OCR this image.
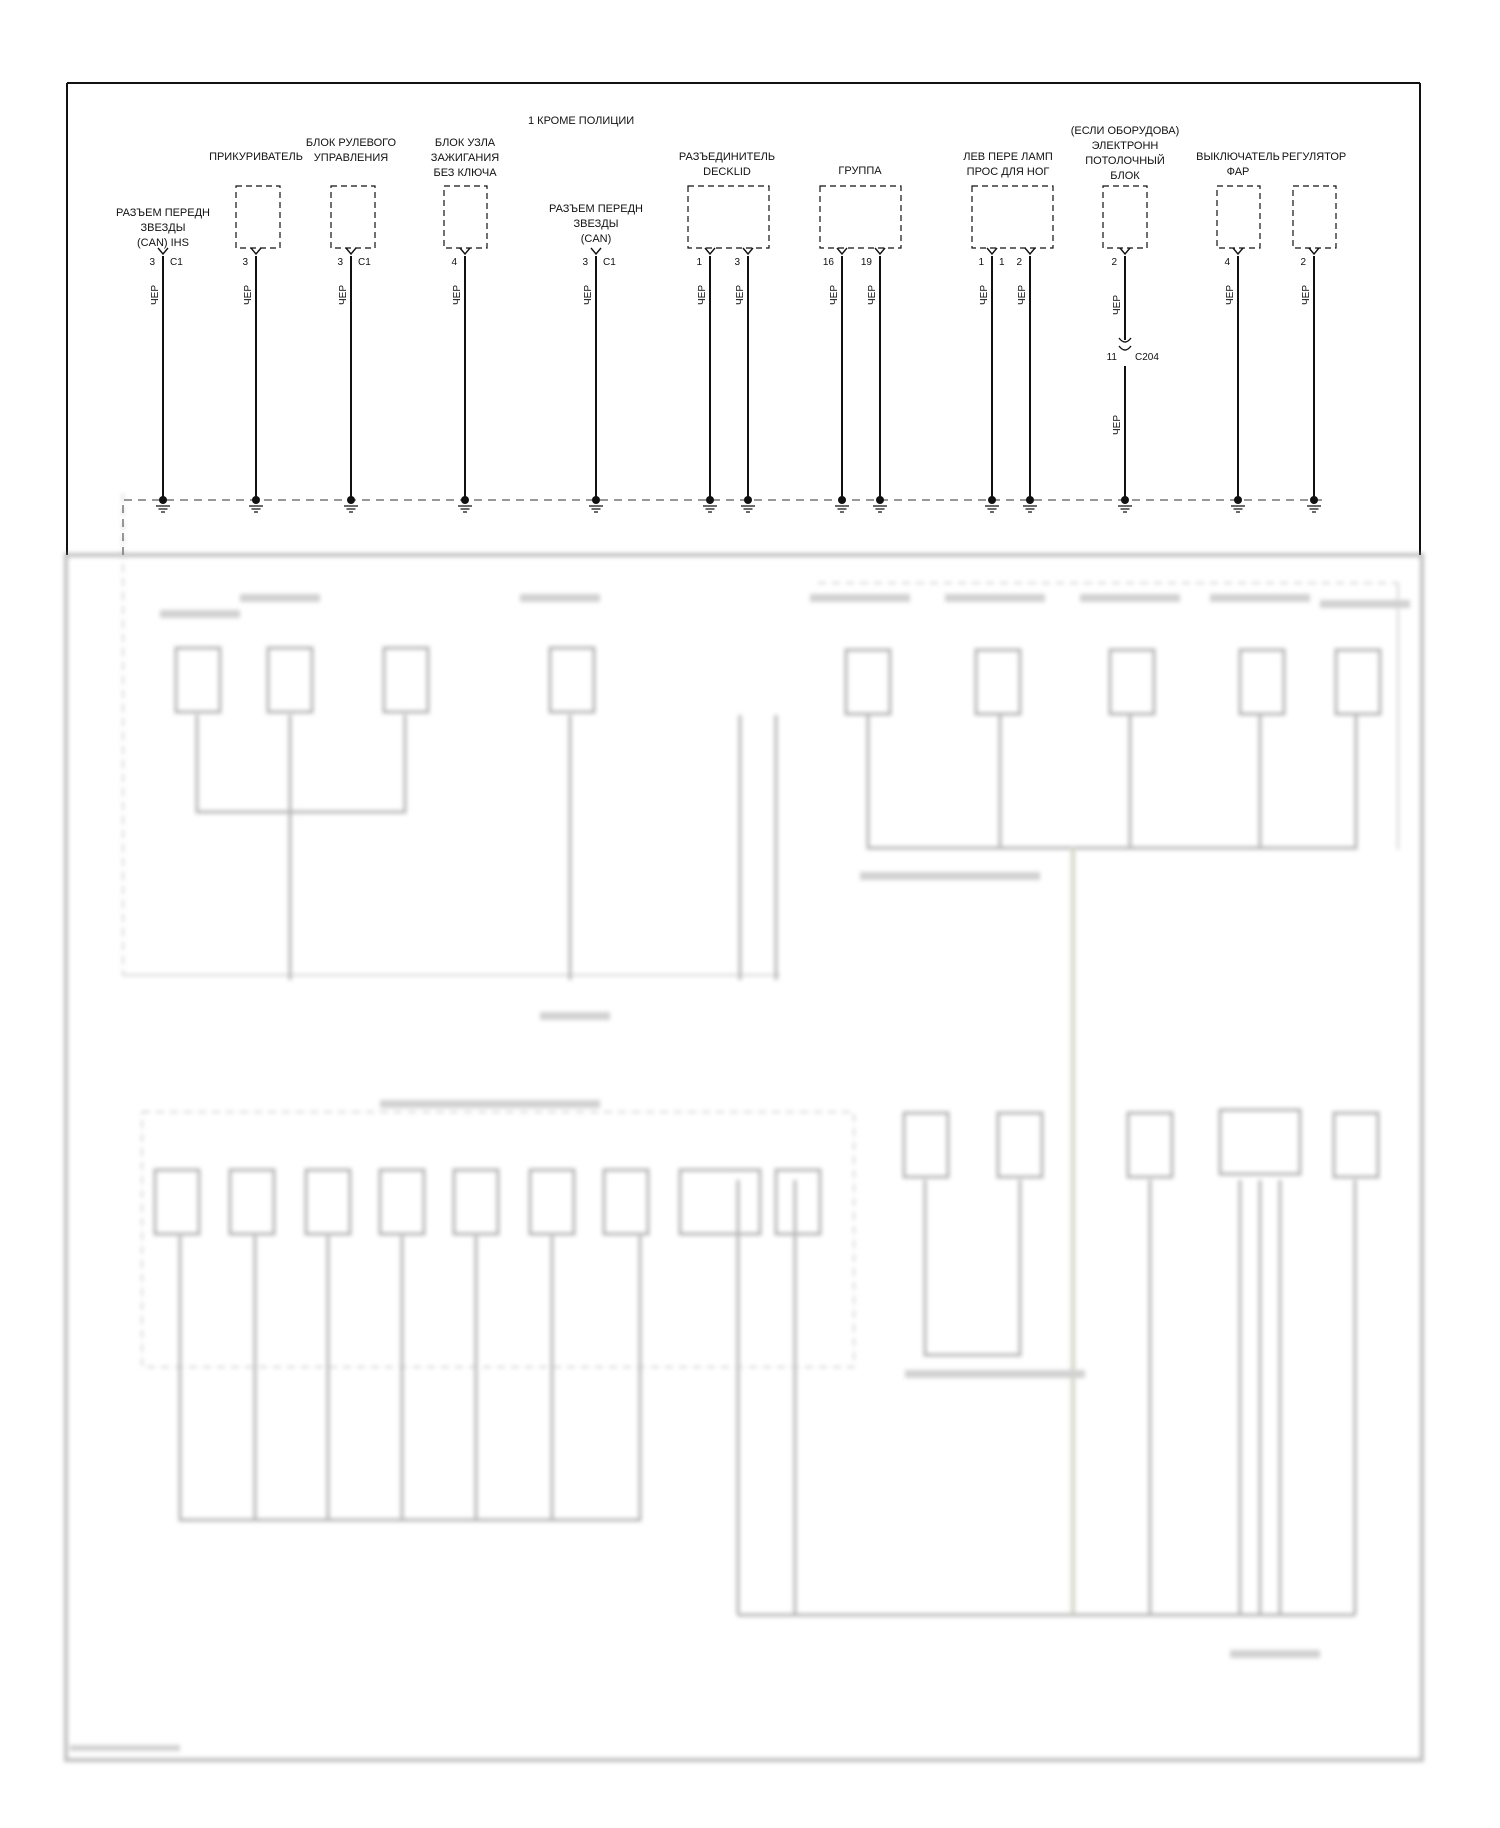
1 КРОМЕ ПОЛИЦИИ
РАЗЪЕМ ПЕРЕДН
ЗВЕЗДЫ
(CAN) IHS
3 C1
ЧЕР
ПРИКУРИВАТЕЛЬ
3
ЧЕР
БЛОК РУЛЕВОГО
УПРАВЛЕНИЯ
3 C1
ЧЕР
БЛОК УЗЛА
ЗАЖИГАНИЯ
БЕЗ КЛЮЧА
4
ЧЕР
РАЗЪЕМ ПЕРЕДН
ЗВЕЗДЫ
(CAN)
3 C1
ЧЕР
РАЗЪЕДИНИТЕЛЬ
DECKLID
1
ЧЕР
3
ЧЕР
ГРУППА
16
ЧЕР
19
ЧЕР
ЛЕВ ПЕРЕ ЛАМП
ПРОС ДЛЯ НОГ
1 1
ЧЕР
2
ЧЕР
(ЕСЛИ ОБОРУДОВА)
ЭЛЕКТРОНН
ПОТОЛОЧНЫЙ
БЛОК
2
11 C204
ЧЕР
ЧЕР
ВЫКЛЮЧАТЕЛЬ
ФАР
4
ЧЕР
РЕГУЛЯТОР
2
ЧЕР
